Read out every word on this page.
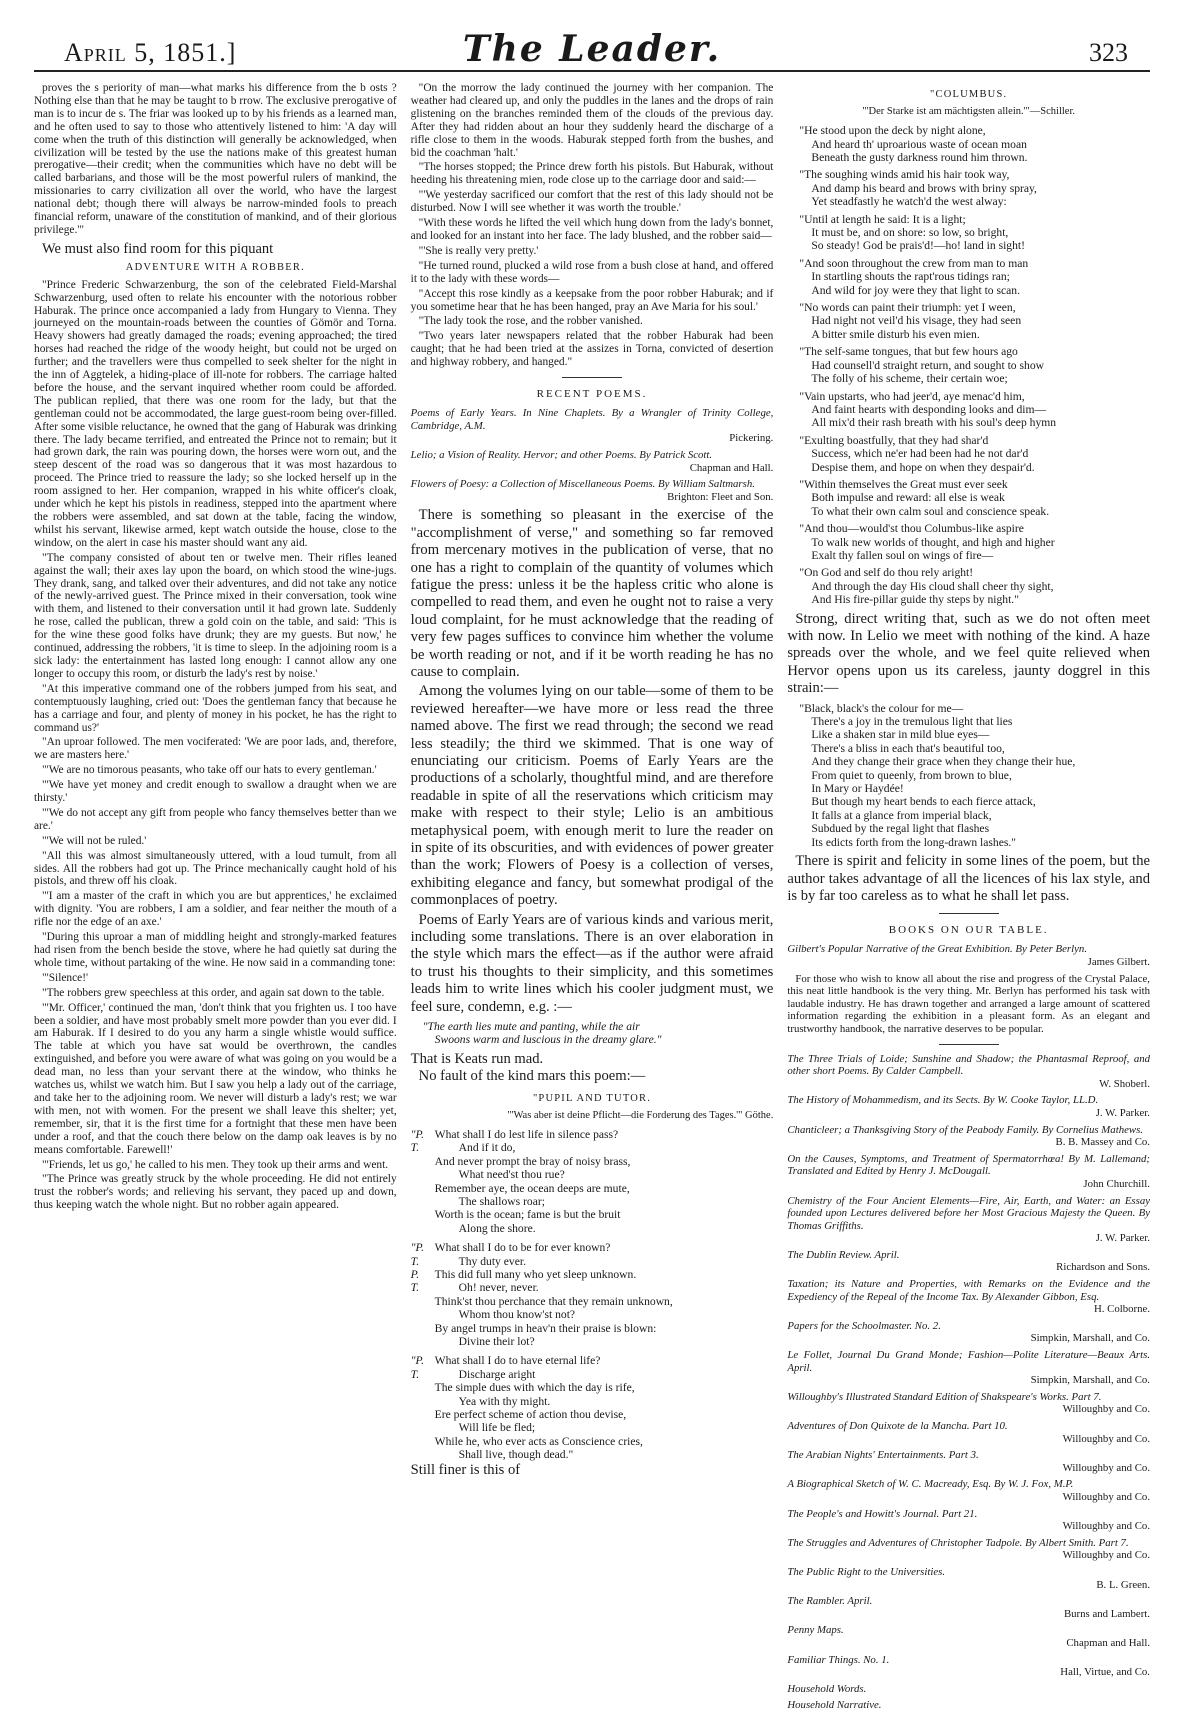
April 5, 1851.]	The Leader.	323

proves the s periority of man—what marks his difference from the b osts ? Nothing else than that he may be taught to b rrow. The exclusive prerogative of man is to incur de s. The friar was looked up to by his friends as a learned man, and he often used to say to those who attentively listened to him: 'A day will come when the truth of this distinction will generally be acknowledged, when civilization will be tested by the use the nations make of this greatest human prerogative—their credit; when the communities which have no debt will be called barbarians, and those will be the most powerful rulers of mankind, the missionaries to carry civilization all over the world, who have the largest national debt; though there will always be narrow-minded fools to preach financial reform, unaware of the constitution of mankind, and of their glorious privilege.'"

We must also find room for this piquant
ADVENTURE WITH A ROBBER.

"Prince Frederic Schwarzenburg, the son of the celebrated Field-Marshal Schwarzenburg, used often to relate his encounter with the notorious robber Haburak. The prince once accompanied a lady from Hungary to Vienna. They journeyed on the mountain-roads between the counties of Gömör and Torna. Heavy showers had greatly damaged the roads; evening approached; the tired horses had reached the ridge of the woody height, but could not be urged on further; and the travellers were thus compelled to seek shelter for the night in the inn of Aggtelek, a hiding-place of ill-note for robbers. The carriage halted before the house, and the servant inquired whether room could be afforded. The publican replied, that there was one room for the lady, but that the gentleman could not be accommodated, the large guest-room being over-filled. After some visible reluctance, he owned that the gang of Haburak was drinking there. The lady became terrified, and entreated the Prince not to remain; but it had grown dark, the rain was pouring down, the horses were worn out, and the steep descent of the road was so dangerous that it was most hazardous to proceed. The Prince tried to reassure the lady; so she locked herself up in the room assigned to her. Her companion, wrapped in his white officer's cloak, under which he kept his pistols in readiness, stepped into the apartment where the robbers were assembled, and sat down at the table, facing the window, whilst his servant, likewise armed, kept watch outside the house, close to the window, on the alert in case his master should want any aid.

"The company consisted of about ten or twelve men. Their rifles leaned against the wall; their axes lay upon the board, on which stood the wine-jugs. They drank, sang, and talked over their adventures, and did not take any notice of the newly-arrived guest. The Prince mixed in their conversation, took wine with them, and listened to their conversation until it had grown late. Suddenly he rose, called the publican, threw a gold coin on the table, and said: 'This is for the wine these good folks have drunk; they are my guests. But now,' he continued, addressing the robbers, 'it is time to sleep. In the adjoining room is a sick lady: the entertainment has lasted long enough: I cannot allow any one longer to occupy this room, or disturb the lady's rest by noise.'

"At this imperative command one of the robbers jumped from his seat, and contemptuously laughing, cried out: 'Does the gentleman fancy that because he has a carriage and four, and plenty of money in his pocket, he has the right to command us?'

"An uproar followed. The men vociferated: 'We are poor lads, and, therefore, we are masters here.'

"'We are no timorous peasants, who take off our hats to every gentleman.'

"'We have yet money and credit enough to swallow a draught when we are thirsty.'

"'We do not accept any gift from people who fancy themselves better than we are.'

"'We will not be ruled.'

"All this was almost simultaneously uttered, with a loud tumult, from all sides. All the robbers had got up. The Prince mechanically caught hold of his pistols, and threw off his cloak.

"'I am a master of the craft in which you are but apprentices,' he exclaimed with dignity. 'You are robbers, I am a soldier, and fear neither the mouth of a rifle nor the edge of an axe.'

"During this uproar a man of middling height and strongly-marked features had risen from the bench beside the stove, where he had quietly sat during the whole time, without partaking of the wine. He now said in a commanding tone:

"'Silence!'

"The robbers grew speechless at this order, and again sat down to the table.

"'Mr. Officer,' continued the man, 'don't think that you frighten us. I too have been a soldier, and have most probably smelt more powder than you ever did. I am Haburak. If I desired to do you any harm a single whistle would suffice. The table at which you have sat would be overthrown, the candles extinguished, and before you were aware of what was going on you would be a dead man, no less than your servant there at the window, who thinks he watches us, whilst we watch him. But I saw you help a lady out of the carriage, and take her to the adjoining room. We never will disturb a lady's rest; we war with men, not with women. For the present we shall leave this shelter; yet, remember, sir, that it is the first time for a fortnight that these men have been under a roof, and that the couch there below on the damp oak leaves is by no means comfortable. Farewell!'

"'Friends, let us go,' he called to his men. They took up their arms and went.

"The Prince was greatly struck by the whole proceeding. He did not entirely trust the robber's words; and relieving his servant, they paced up and down, thus keeping watch the whole night. But no robber again appeared.

"On the morrow the lady continued the journey with her companion. The weather had cleared up, and only the puddles in the lanes and the drops of rain glistening on the branches reminded them of the clouds of the previous day. After they had ridden about an hour they suddenly heard the discharge of a rifle close to them in the woods. Haburak stepped forth from the bushes, and bid the coachman 'halt.'

"The horses stopped; the Prince drew forth his pistols. But Haburak, without heeding his threatening mien, rode close up to the carriage door and said:—

"'We yesterday sacrificed our comfort that the rest of this lady should not be disturbed. Now I will see whether it was worth the trouble.'

"With these words he lifted the veil which hung down from the lady's bonnet, and looked for an instant into her face. The lady blushed, and the robber said—

"'She is really very pretty.'

"He turned round, plucked a wild rose from a bush close at hand, and offered it to the lady with these words—

"Accept this rose kindly as a keepsake from the poor robber Haburak; and if you sometime hear that he has been hanged, pray an Ave Maria for his soul.'

"The lady took the rose, and the robber vanished.

"Two years later newspapers related that the robber Haburak had been caught; that he had been tried at the assizes in Torna, convicted of desertion and highway robbery, and hanged."

RECENT POEMS.
Poems of Early Years. In Nine Chaplets. By a Wrangler of Trinity College, Cambridge, A.M.
Pickering.
Lelio; a Vision of Reality. Hervor; and other Poems. By Patrick Scott.
Chapman and Hall.
Flowers of Poesy: a Collection of Miscellaneous Poems. By William Saltmarsh.
Brighton: Fleet and Son.

There is something so pleasant in the exercise of the "accomplishment of verse," and something so far removed from mercenary motives in the publication of verse, that no one has a right to complain of the quantity of volumes which fatigue the press: unless it be the hapless critic who alone is compelled to read them, and even he ought not to raise a very loud complaint, for he must acknowledge that the reading of very few pages suffices to convince him whether the volume be worth reading or not, and if it be worth reading he has no cause to complain.

Among the volumes lying on our table—some of them to be reviewed hereafter—we have more or less read the three named above. The first we read through; the second we read less steadily; the third we skimmed. That is one way of enunciating our criticism. Poems of Early Years are the productions of a scholarly, thoughtful mind, and are therefore readable in spite of all the reservations which criticism may make with respect to their style; Lelio is an ambitious metaphysical poem, with enough merit to lure the reader on in spite of its obscurities, and with evidences of power greater than the work; Flowers of Poesy is a collection of verses, exhibiting elegance and fancy, but somewhat prodigal of the commonplaces of poetry.

Poems of Early Years are of various kinds and various merit, including some translations. There is an over elaboration in the style which mars the effect—as if the author were afraid to trust his thoughts to their simplicity, and this sometimes leads him to write lines which his cooler judgment must, we feel sure, condemn, e.g. :—

"The earth lies mute and panting, while the air
Swoons warm and luscious in the dreamy glare."
That is Keats run mad.
No fault of the kind mars this poem:—
"PUPIL AND TUTOR.
"'Was aber ist deine Pflicht—die Forderung des Tages.'" Göthe.
"P. What shall I do lest life in silence pass?
T.	And if it do,
And never prompt the bray of noisy brass,
What need'st thou rue?
Remember aye, the ocean deeps are mute,
The shallows roar;
Worth is the ocean; fame is but the bruit
Along the shore.
"P. What shall I do to be for ever known?
T.	Thy duty ever.
P.	This did full many who yet sleep unknown.
T.	Oh! never, never.
Think'st thou perchance that they remain unknown,
Whom thou know'st not?
By angel trumps in heav'n their praise is blown:
Divine their lot?
"P. What shall I do to have eternal life?
T.	Discharge aright
The simple dues with which the day is rife,
Yea with thy might.
Ere perfect scheme of action thou devise,
Will life be fled;
While he, who ever acts as Conscience cries,
Shall live, though dead."
Still finer is this of
"COLUMBUS.
"'Der Starke ist am mächtigsten allein.'"—Schiller.
"He stood upon the deck by night alone,
And heard th' uproarious waste of ocean moan
Beneath the gusty darkness round him thrown.
"The soughing winds amid his hair took way,
And damp his beard and brows with briny spray,
Yet steadfastly he watch'd the west alway:
"Until at length he said: It is a light;
It must be, and on shore: so low, so bright,
So steady! God be prais'd!—ho! land in sight!
"And soon throughout the crew from man to man
In startling shouts the rapt'rous tidings ran;
And wild for joy were they that light to scan.
"No words can paint their triumph: yet I ween,
Had night not veil'd his visage, they had seen
A bitter smile disturb his even mien.
"The self-same tongues, that but few hours ago
Had counsell'd straight return, and sought to show
The folly of his scheme, their certain woe;
"Vain upstarts, who had jeer'd, aye menac'd him,
And faint hearts with desponding looks and dim—
All mix'd their rash breath with his soul's deep hymn
"Exulting boastfully, that they had shar'd
Success, which ne'er had been had he not dar'd
Despise them, and hope on when they despair'd.
"Within themselves the Great must ever seek
Both impulse and reward: all else is weak
To what their own calm soul and conscience speak.
"And thou—would'st thou Columbus-like aspire
To walk new worlds of thought, and high and higher
Exalt thy fallen soul on wings of fire—
"On God and self do thou rely aright!
And through the day His cloud shall cheer thy sight,
And His fire-pillar guide thy steps by night."

Strong, direct writing that, such as we do not often meet with now. In Lelio we meet with nothing of the kind. A haze spreads over the whole, and we feel quite relieved when Hervor opens upon us its careless, jaunty doggrel in this strain:—

"Black, black's the colour for me—
There's a joy in the tremulous light that lies
Like a shaken star in mild blue eyes—
There's a bliss in each that's beautiful too,
And they change their grace when they change their hue,
From quiet to queenly, from brown to blue,
In Mary or Haydée!
But though my heart bends to each fierce attack,
It falls at a glance from imperial black,
Subdued by the regal light that flashes
Its edicts forth from the long-drawn lashes."

There is spirit and felicity in some lines of the poem, but the author takes advantage of all the licences of his lax style, and is by far too careless as to what he shall let pass.

BOOKS ON OUR TABLE.
Gilbert's Popular Narrative of the Great Exhibition. By Peter Berlyn.
James Gilbert.

For those who wish to know all about the rise and progress of the Crystal Palace, this neat little handbook is the very thing. Mr. Berlyn has performed his task with laudable industry. He has drawn together and arranged a large amount of scattered information regarding the exhibition in a pleasant form. As an elegant and trustworthy handbook, the narrative deserves to be popular.

The Three Trials of Loide; Sunshine and Shadow; the Phantasmal Reproof, and other short Poems. By Calder Campbell.
W. Shoberl.
The History of Mohammedism, and its Sects. By W. Cooke Taylor, LL.D.
J. W. Parker.
Chanticleer; a Thanksgiving Story of the Peabody Family. By Cornelius Mathews.
B. B. Massey and Co.
On the Causes, Symptoms, and Treatment of Spermatorrhœa! By M. Lallemand; Translated and Edited by Henry J. McDougall.
John Churchill.
Chemistry of the Four Ancient Elements—Fire, Air, Earth, and Water: an Essay founded upon Lectures delivered before her Most Gracious Majesty the Queen. By Thomas Griffiths.
J. W. Parker.
The Dublin Review. April.
Richardson and Sons.
Taxation; its Nature and Properties, with Remarks on the Evidence and the Expediency of the Repeal of the Income Tax. By Alexander Gibbon, Esq.
H. Colborne.
Papers for the Schoolmaster. No. 2.
Simpkin, Marshall, and Co.
Le Follet, Journal Du Grand Monde; Fashion—Polite Literature—Beaux Arts. April.
Simpkin, Marshall, and Co.
Willoughby's Illustrated Standard Edition of Shakspeare's Works. Part 7.
Willoughby and Co.
Adventures of Don Quixote de la Mancha. Part 10.
Willoughby and Co.
The Arabian Nights' Entertainments. Part 3.
Willoughby and Co.
A Biographical Sketch of W. C. Macready, Esq. By W. J. Fox, M.P.
Willoughby and Co.
The People's and Howitt's Journal. Part 21.
Willoughby and Co.
The Struggles and Adventures of Christopher Tadpole. By Albert Smith. Part 7.
Willoughby and Co.
The Public Right to the Universities.
B. L. Green.
The Rambler. April.
Burns and Lambert.
Penny Maps.
Chapman and Hall.
Familiar Things. No. 1.
Hall, Virtue, and Co.
Household Words.
Household Narrative.
